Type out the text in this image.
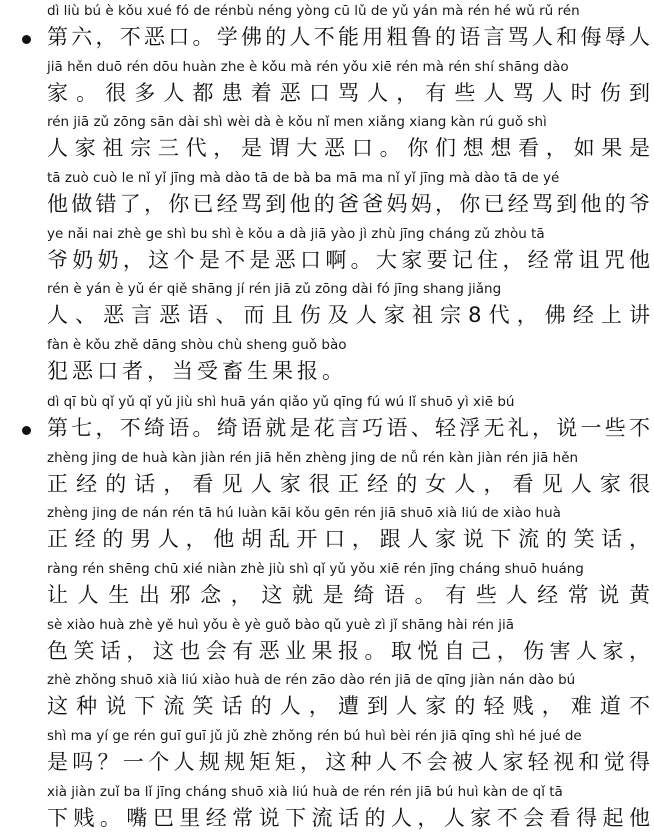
dì liù bú è kǒu xué fó de rénbù néng yòng cū lǔ de yǔ yán mà rén hé wǔ rǔ rén
第六，不恶口。学佛的人不能用粗鲁的语言骂人和侮辱人
jiā hěn duō rén dōu huàn zhe è kǒu mà rén yǒu xiē rén mà rén shí shāng dào
家。很多人都患着恶口骂人，有些人骂人时伤到
rén jiā zǔ zōng sān dài shì wèi dà è kǒu nǐ men xiǎng xiang kàn rú guǒ shì
人家祖宗三代，是谓大恶口。你们想想看，如果是
tā zuò cuò le nǐ yǐ jīng mà dào tā de bà ba mā ma nǐ yǐ jīng mà dào tā de yé
他做错了，你已经骂到他的爸爸妈妈，你已经骂到他的爷
ye nǎi nai zhè ge shì bu shì è kǒu a dà jiā yào jì zhù jīng cháng zǔ zhòu tā
爷奶奶，这个是不是恶口啊。大家要记住，经常诅咒他
rén è yán è yǔ ér qiě shāng jí rén jiā zǔ zōng dài fó jīng shang jiǎng
人、恶言恶语、而且伤及人家祖宗8代，佛经上讲
fàn è kǒu zhě dāng shòu chù sheng guǒ bào
犯恶口者，当受畜生果报。
dì qī bù qǐ yǔ qǐ yǔ jiù shì huā yán qiǎo yǔ qīng fú wú lǐ shuō yì xiē bú
第七，不绮语。绮语就是花言巧语、轻浮无礼，说一些不
zhèng jing de huà kàn jiàn rén jiā hěn zhèng jing de nǚ rén kàn jiàn rén jiā hěn
正经的话，看见人家很正经的女人，看见人家很
zhèng jing de nán rén tā hú luàn kāi kǒu gēn rén jiā shuō xià liú de xiào huà
正经的男人，他胡乱开口，跟人家说下流的笑话，
ràng rén shēng chū xié niàn zhè jiù shì qǐ yǔ yǒu xiē rén jīng cháng shuō huáng
让人生出邪念，这就是绮语。有些人经常说黄
sè xiào huà zhè yě huì yǒu è yè guǒ bào qǔ yuè zì jǐ shāng hài rén jiā
色笑话，这也会有恶业果报。取悦自己，伤害人家，
zhè zhǒng shuō xià liú xiào huà de rén zāo dào rén jiā de qīng jiàn nán dào bú
这种说下流笑话的人，遭到人家的轻贱，难道不
shì ma yí ge rén guī guī jǔ jǔ zhè zhǒng rén bú huì bèi rén jiā qīng shì hé jué de
是吗？一个人规规矩矩，这种人不会被人家轻视和觉得
xià jiàn zuǐ ba lǐ jīng cháng shuō xià liú huà de rén rén jiā bú huì kàn de qǐ tā
下贱。嘴巴里经常说下流话的人，人家不会看得起他
